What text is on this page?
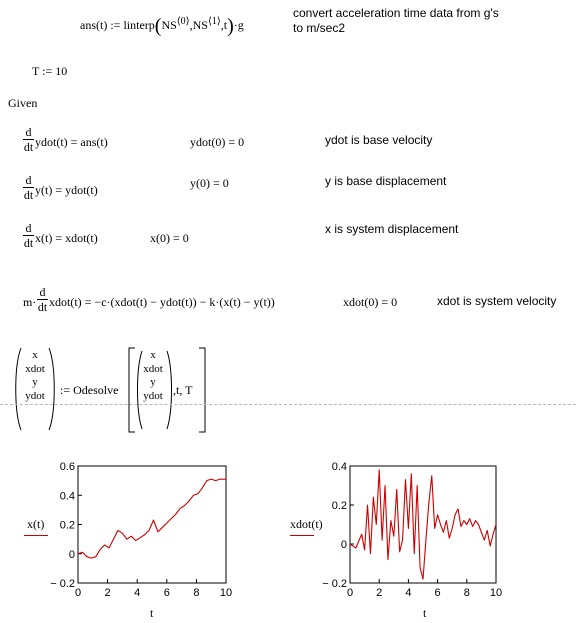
ans(t) := $linterp(NS^{⟨0⟩},NS^{⟨1⟩},t)\cdot g$
convert acceleration time data from g's
to m/sec2
T := 10
Given
d
dt ydot(t) = ans(t)	ydot(0) = 0	ydot is base velocity
d
dt y(t) = ydot(t)	y(0) = 0	y is base displacement
d
dt x(t) = xdot(t)	x(0) = 0
x is system displacement
m·
d
dt xdot(t) = −c·(xdot(t) − ydot(t)) − k·(x(t) − y(t))	xdot(0) = 0	xdot is system velocity
x
xdot
y
ydot	:= Odesolve
x
xdot
y
ydot ,t, T
− 0.2
0
0.2
0.4
0.6
0 2 4 6 8 10
x(t)
t
− 0.2
0
0.2
0.4
0 2 4 6 8 10
xdot(t)
t
